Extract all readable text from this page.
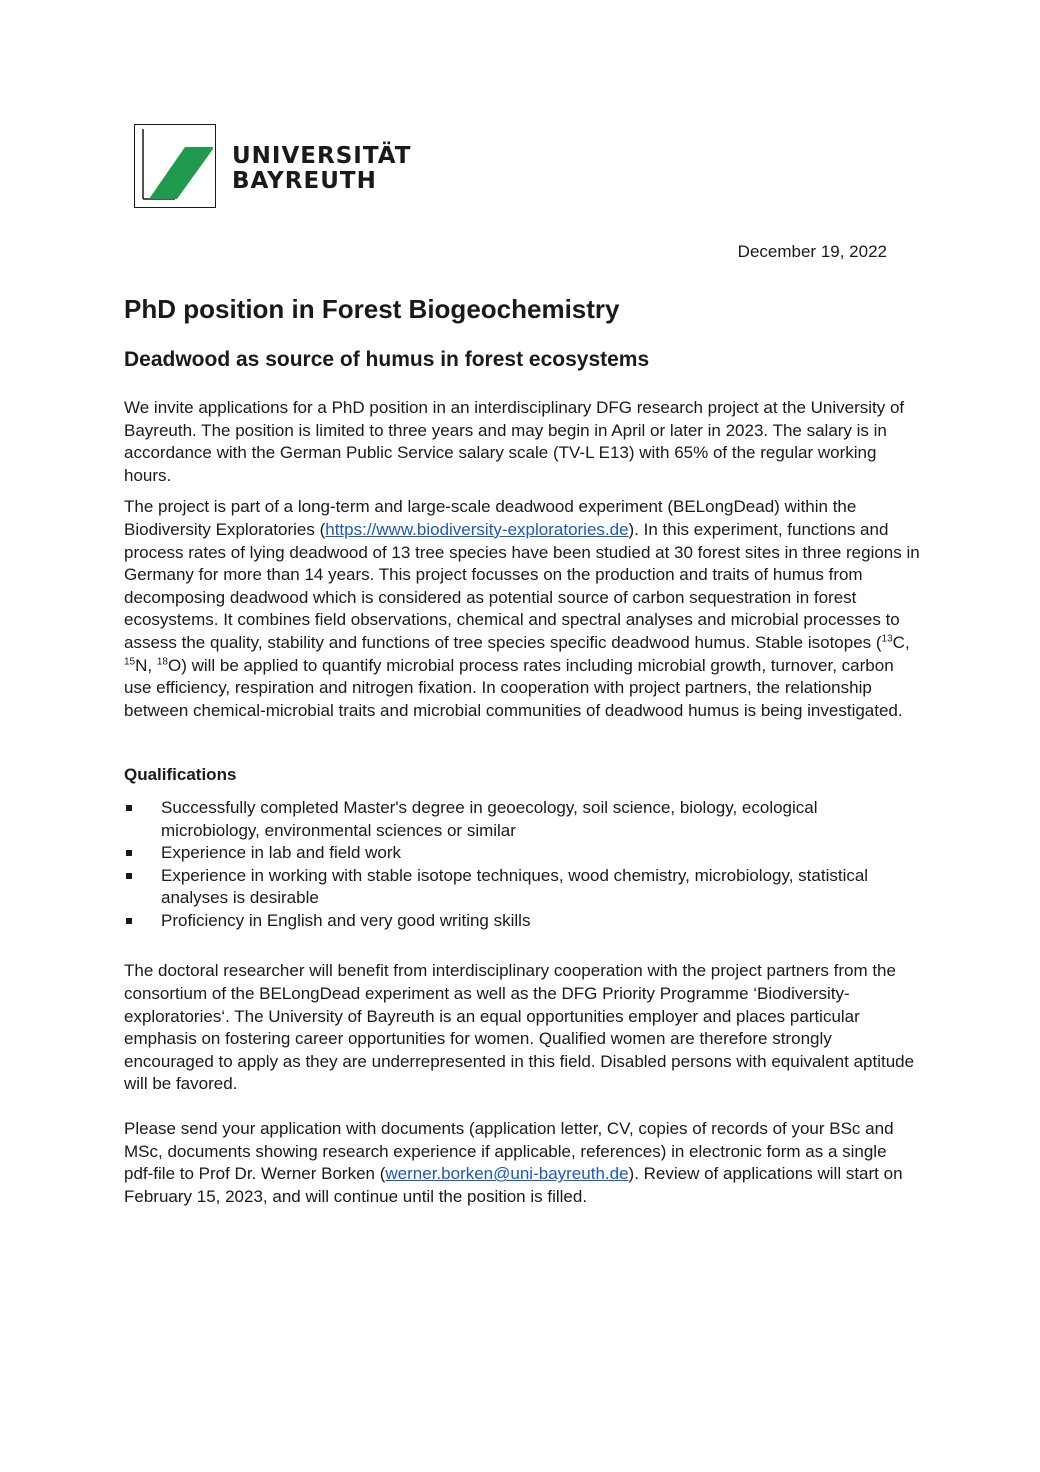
UNIVERSITÄT
BAYREUTH
December 19, 2022
PhD position in Forest Biogeochemistry
Deadwood as source of humus in forest ecosystems

We invite applications for a PhD position in an interdisciplinary DFG research project at the University of Bayreuth. The position is limited to three years and may begin in April or later in 2023. The salary is in accordance with the German Public Service salary scale (TV-L E13) with 65% of the regular working hours.

The project is part of a long-term and large-scale deadwood experiment (BELongDead) within the Biodiversity Exploratories (https://www.biodiversity-exploratories.de). In this experiment, functions and process rates of lying deadwood of 13 tree species have been studied at 30 forest sites in three regions in Germany for more than 14 years. This project focusses on the production and traits of humus from decomposing deadwood which is considered as potential source of carbon sequestration in forest ecosystems. It combines field observations, chemical and spectral analyses and microbial processes to assess the quality, stability and functions of tree species specific deadwood humus. Stable isotopes ($^{13}$C, $^{15}$N, $^{18}$O) will be applied to quantify microbial process rates including microbial growth, turnover, carbon use efficiency, respiration and nitrogen fixation. In cooperation with project partners, the relationship between chemical-microbial traits and microbial communities of deadwood humus is being investigated.

Qualifications
Successfully completed Master's degree in geoecology, soil science, biology, ecological microbiology, environmental sciences or similar
Experience in lab and field work
Experience in working with stable isotope techniques, wood chemistry, microbiology, statistical analyses is desirable
Proficiency in English and very good writing skills

The doctoral researcher will benefit from interdisciplinary cooperation with the project partners from the consortium of the BELongDead experiment as well as the DFG Priority Programme ‘Biodiversity-exploratories‘. The University of Bayreuth is an equal opportunities employer and places particular emphasis on fostering career opportunities for women. Qualified women are therefore strongly encouraged to apply as they are underrepresented in this field. Disabled persons with equivalent aptitude will be favored.

Please send your application with documents (application letter, CV, copies of records of your BSc and MSc, documents showing research experience if applicable, references) in electronic form as a single pdf-file to Prof Dr. Werner Borken (werner.borken@uni-bayreuth.de). Review of applications will start on February 15, 2023, and will continue until the position is filled.
